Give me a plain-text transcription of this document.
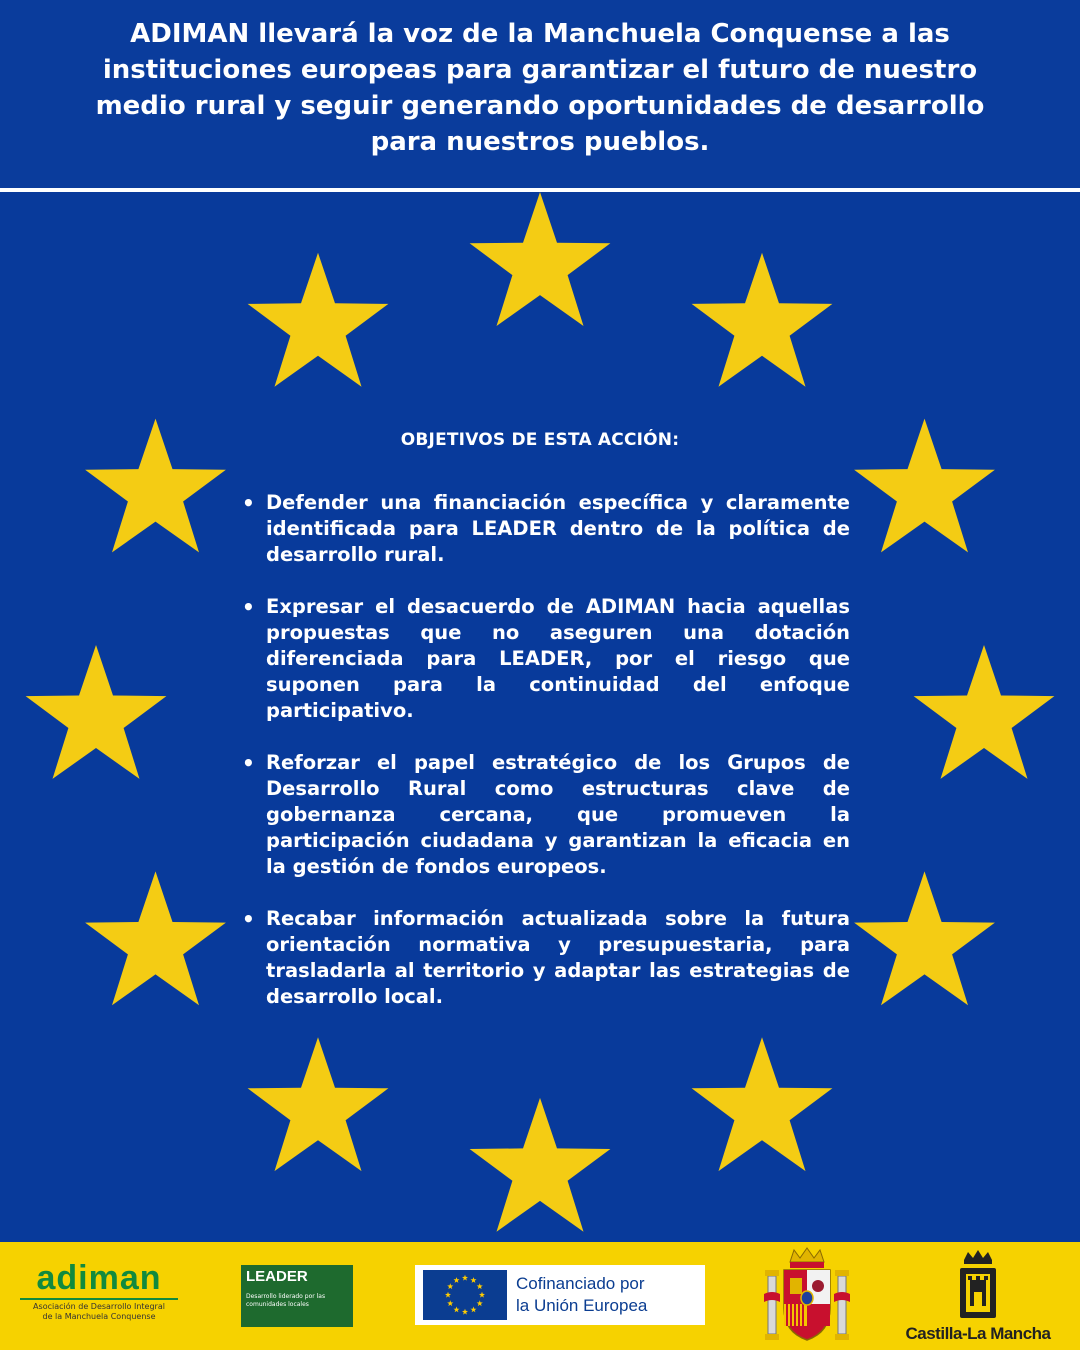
ADIMAN llevará la voz de la Manchuela Conquense a las instituciones europeas para garantizar el futuro de nuestro medio rural y seguir generando oportunidades de desarrollo para nuestros pueblos.
OBJETIVOS DE ESTA ACCIÓN:
• Defender una financiación específica y claramente identificada para LEADER dentro de la política de desarrollo rural.
• Expresar el desacuerdo de ADIMAN hacia aquellas propuestas que no aseguren una dotación diferenciada para LEADER, por el riesgo que suponen para la continuidad del enfoque participativo.
• Reforzar el papel estratégico de los Grupos de Desarrollo Rural como estructuras clave de gobernanza cercana, que promueven la participación ciudadana y garantizan la eficacia en la gestión de fondos europeos.
• Recabar información actualizada sobre la futura orientación normativa y presupuestaria, para trasladarla al territorio y adaptar las estrategias de desarrollo local.
adiman
Asociación de Desarrollo Integral
de la Manchuela Conquense
LEADER
Desarrollo liderado por las comunidades locales
Cofinanciado por
la Unión Europea
Castilla-La Mancha
